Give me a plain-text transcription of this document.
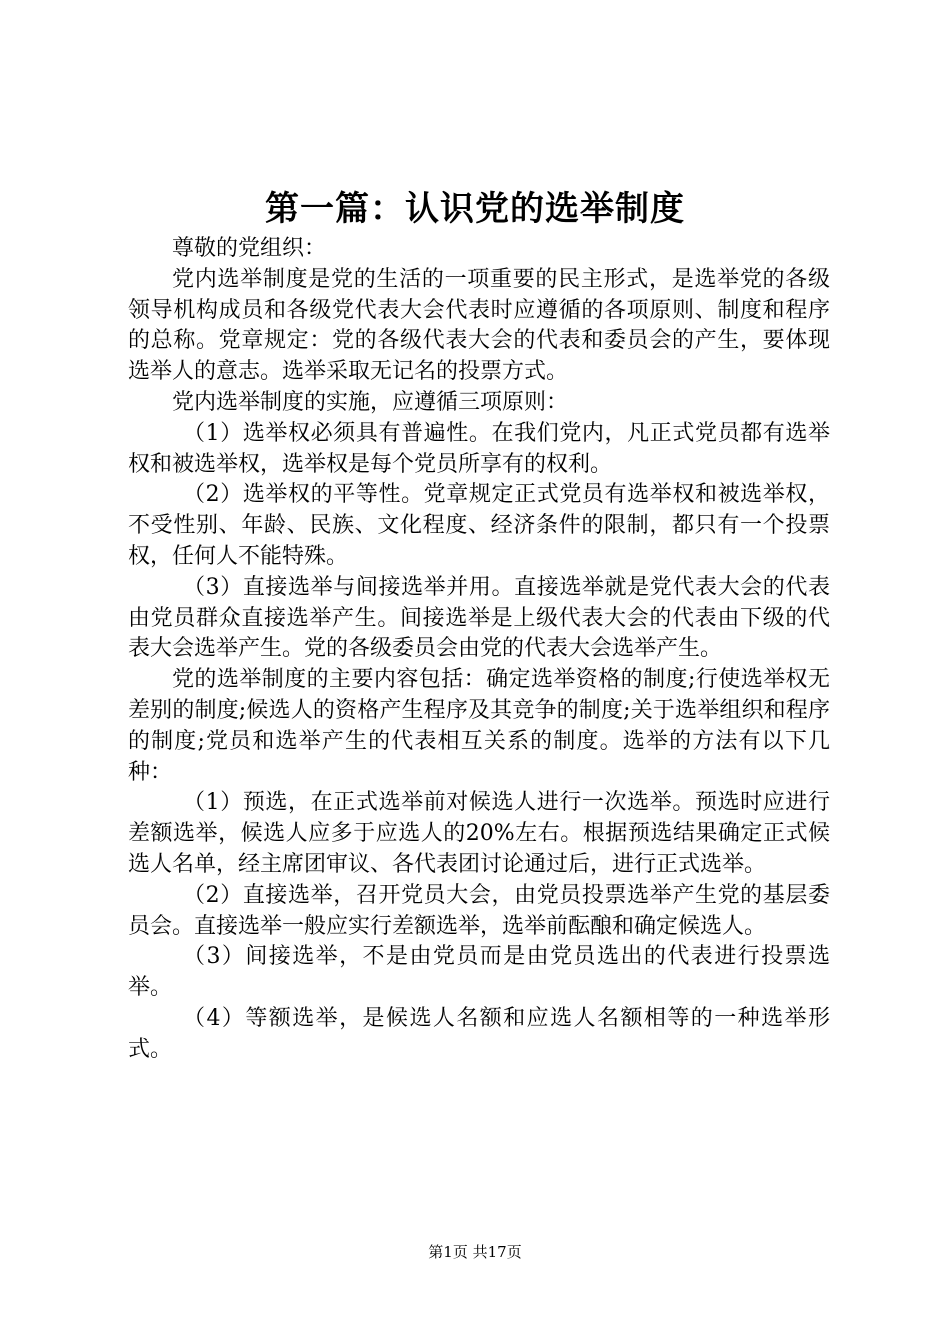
第一篇：认识党的选举制度

尊敬的党组织：

党内选举制度是党的生活的一项重要的民主形式，是选举党的各级领导机构成员和各级党代表大会代表时应遵循的各项原则、制度和程序的总称。党章规定：党的各级代表大会的代表和委员会的产生，要体现选举人的意志。选举采取无记名的投票方式。

党内选举制度的实施，应遵循三项原则：

（1）选举权必须具有普遍性。在我们党内，凡正式党员都有选举权和被选举权，选举权是每个党员所享有的权利。

（2）选举权的平等性。党章规定正式党员有选举权和被选举权，不受性别、年龄、民族、文化程度、经济条件的限制，都只有一个投票权，任何人不能特殊。

（3）直接选举与间接选举并用。直接选举就是党代表大会的代表由党员群众直接选举产生。间接选举是上级代表大会的代表由下级的代表大会选举产生。党的各级委员会由党的代表大会选举产生。

党的选举制度的主要内容包括：确定选举资格的制度;行使选举权无差别的制度;候选人的资格产生程序及其竞争的制度;关于选举组织和程序的制度;党员和选举产生的代表相互关系的制度。选举的方法有以下几种：

（1）预选，在正式选举前对候选人进行一次选举。预选时应进行差额选举，候选人应多于应选人的20%左右。根据预选结果确定正式候选人名单，经主席团审议、各代表团讨论通过后，进行正式选举。

（2）直接选举，召开党员大会，由党员投票选举产生党的基层委员会。直接选举一般应实行差额选举，选举前酝酿和确定候选人。

（3）间接选举，不是由党员而是由党员选出的代表进行投票选举。

（4）等额选举，是候选人名额和应选人名额相等的一种选举形式。

第1页 共17页
